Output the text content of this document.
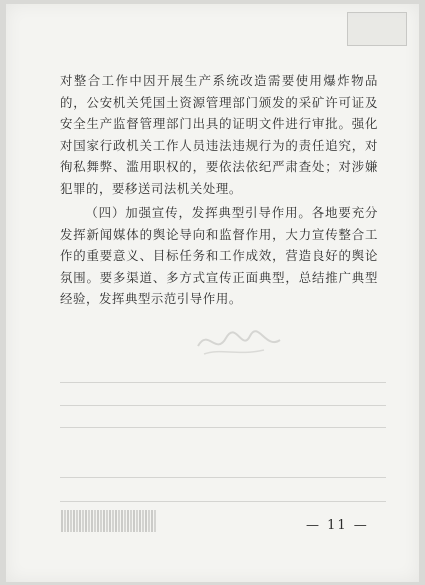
对整合工作中因开展生产系统改造需要使用爆炸物品的，公安机关凭国土资源管理部门颁发的采矿许可证及安全生产监督管理部门出具的证明文件进行审批。强化对国家行政机关工作人员违法违规行为的责任追究，对徇私舞弊、滥用职权的，要依法依纪严肃查处；对涉嫌犯罪的，要移送司法机关处理。

（四）加强宣传，发挥典型引导作用。各地要充分发挥新闻媒体的舆论导向和监督作用，大力宣传整合工作的重要意义、目标任务和工作成效，营造良好的舆论氛围。要多渠道、多方式宣传正面典型，总结推广典型经验，发挥典型示范引导作用。

— 11 —
